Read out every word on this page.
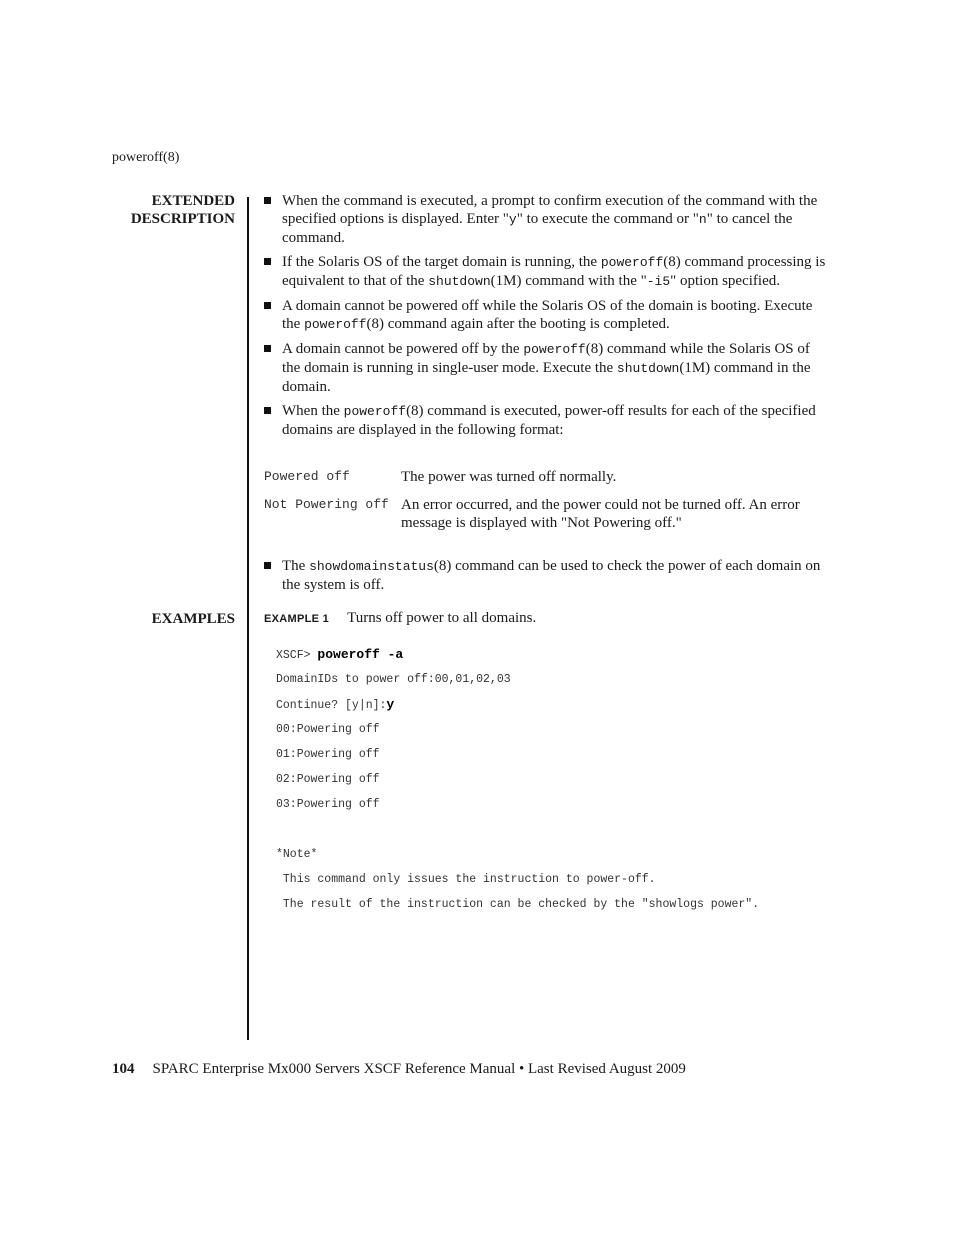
poweroff(8)
EXTENDED
DESCRIPTION
When the command is executed, a prompt to confirm execution of the command with the specified options is displayed. Enter "y" to execute the command or "n" to cancel the command.
If the Solaris OS of the target domain is running, the poweroff(8) command processing is equivalent to that of the shutdown(1M) command with the "-i5" option specified.
A domain cannot be powered off while the Solaris OS of the domain is booting. Execute the poweroff(8) command again after the booting is completed.
A domain cannot be powered off by the poweroff(8) command while the Solaris OS of the domain is running in single-user mode. Execute the shutdown(1M) command in the domain.
When the poweroff(8) command is executed, power-off results for each of the specified domains are displayed in the following format:
Powered off	The power was turned off normally.
Not Powering off An error occurred, and the power could not be turned off. An error message is displayed with "Not Powering off."
The showdomainstatus(8) command can be used to check the power of each domain on the system is off.
EXAMPLES	EXAMPLE 1 Turns off power to all domains.
XSCF> poweroff -a
DomainIDs to power off:00,01,02,03
Continue? [y|n]:y
00:Powering off
01:Powering off
02:Powering off
03:Powering off
*Note*
This command only issues the instruction to power-off.
The result of the instruction can be checked by the "showlogs power".
104 SPARC Enterprise Mx000 Servers XSCF Reference Manual • Last Revised August 2009
